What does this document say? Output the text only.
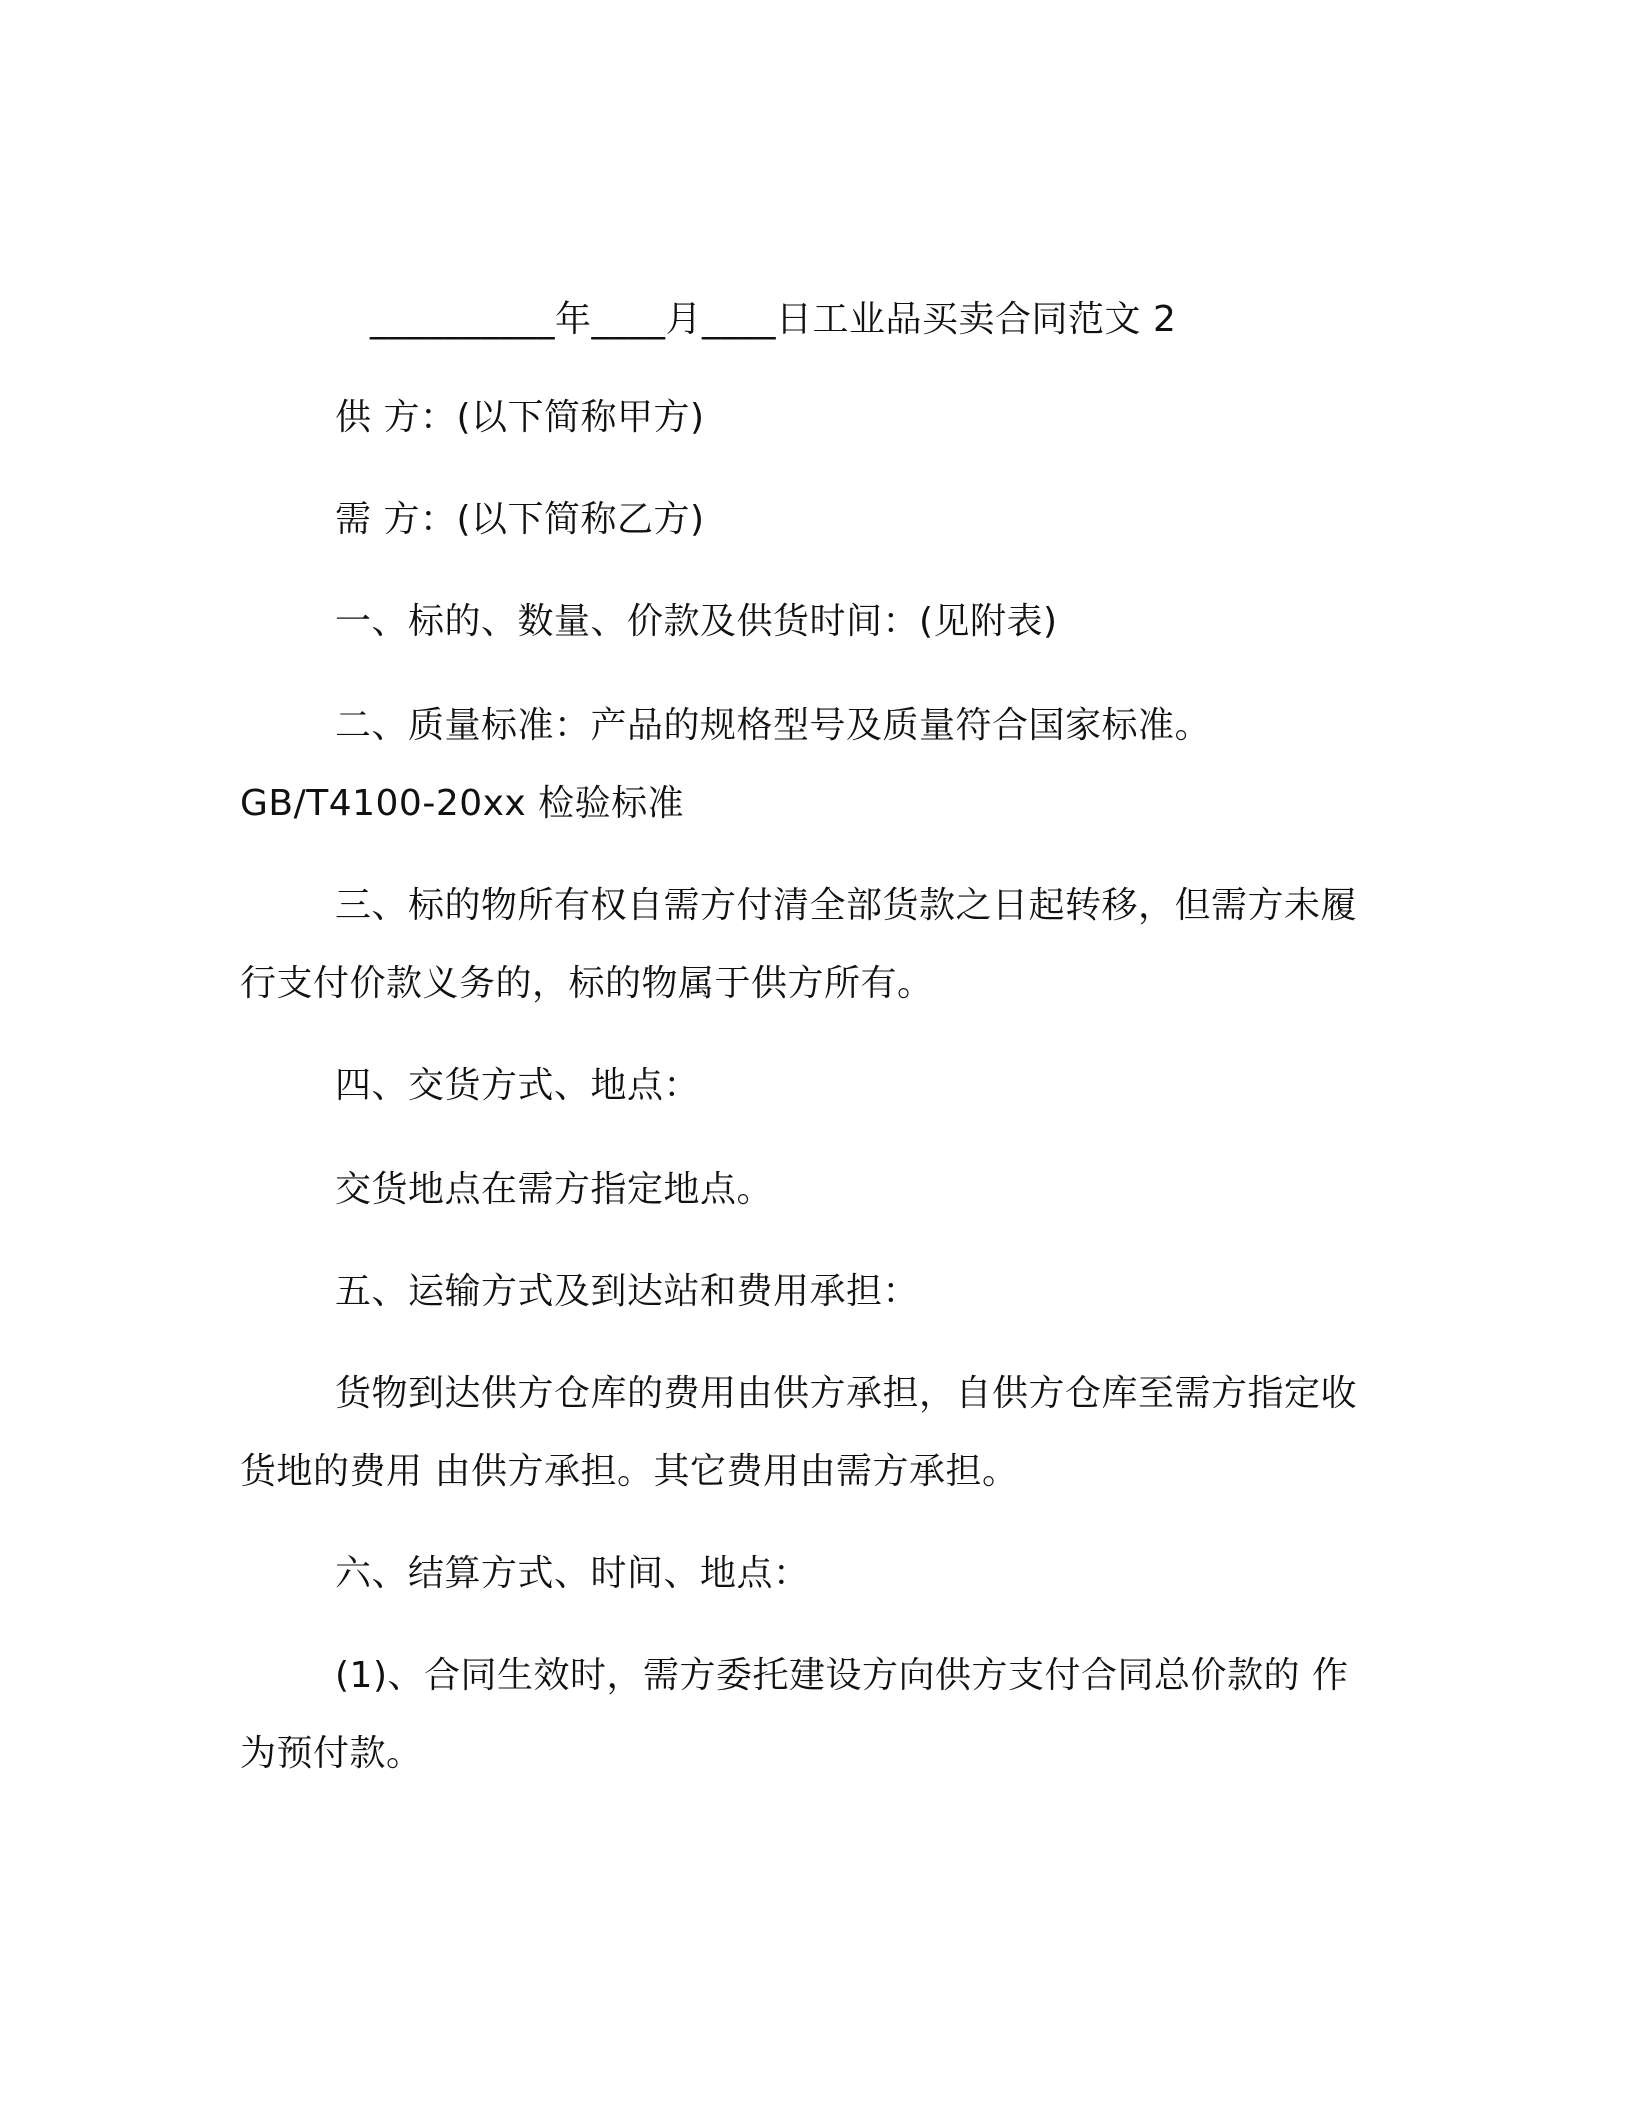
__________年____月____日工业品买卖合同范文 2
供 方：(以下简称甲方)
需 方：(以下简称乙方)
一、标的、数量、价款及供货时间：(见附表)
二、质量标准：产品的规格型号及质量符合国家标准。
GB/T4100-20xx 检验标准
三、标的物所有权自需方付清全部货款之日起转移，但需方未履
行支付价款义务的，标的物属于供方所有。
四、交货方式、地点：
交货地点在需方指定地点。
五、运输方式及到达站和费用承担：
货物到达供方仓库的费用由供方承担，自供方仓库至需方指定收
货地的费用 由供方承担。其它费用由需方承担。
六、结算方式、时间、地点：
(1)、合同生效时，需方委托建设方向供方支付合同总价款的 作
为预付款。
